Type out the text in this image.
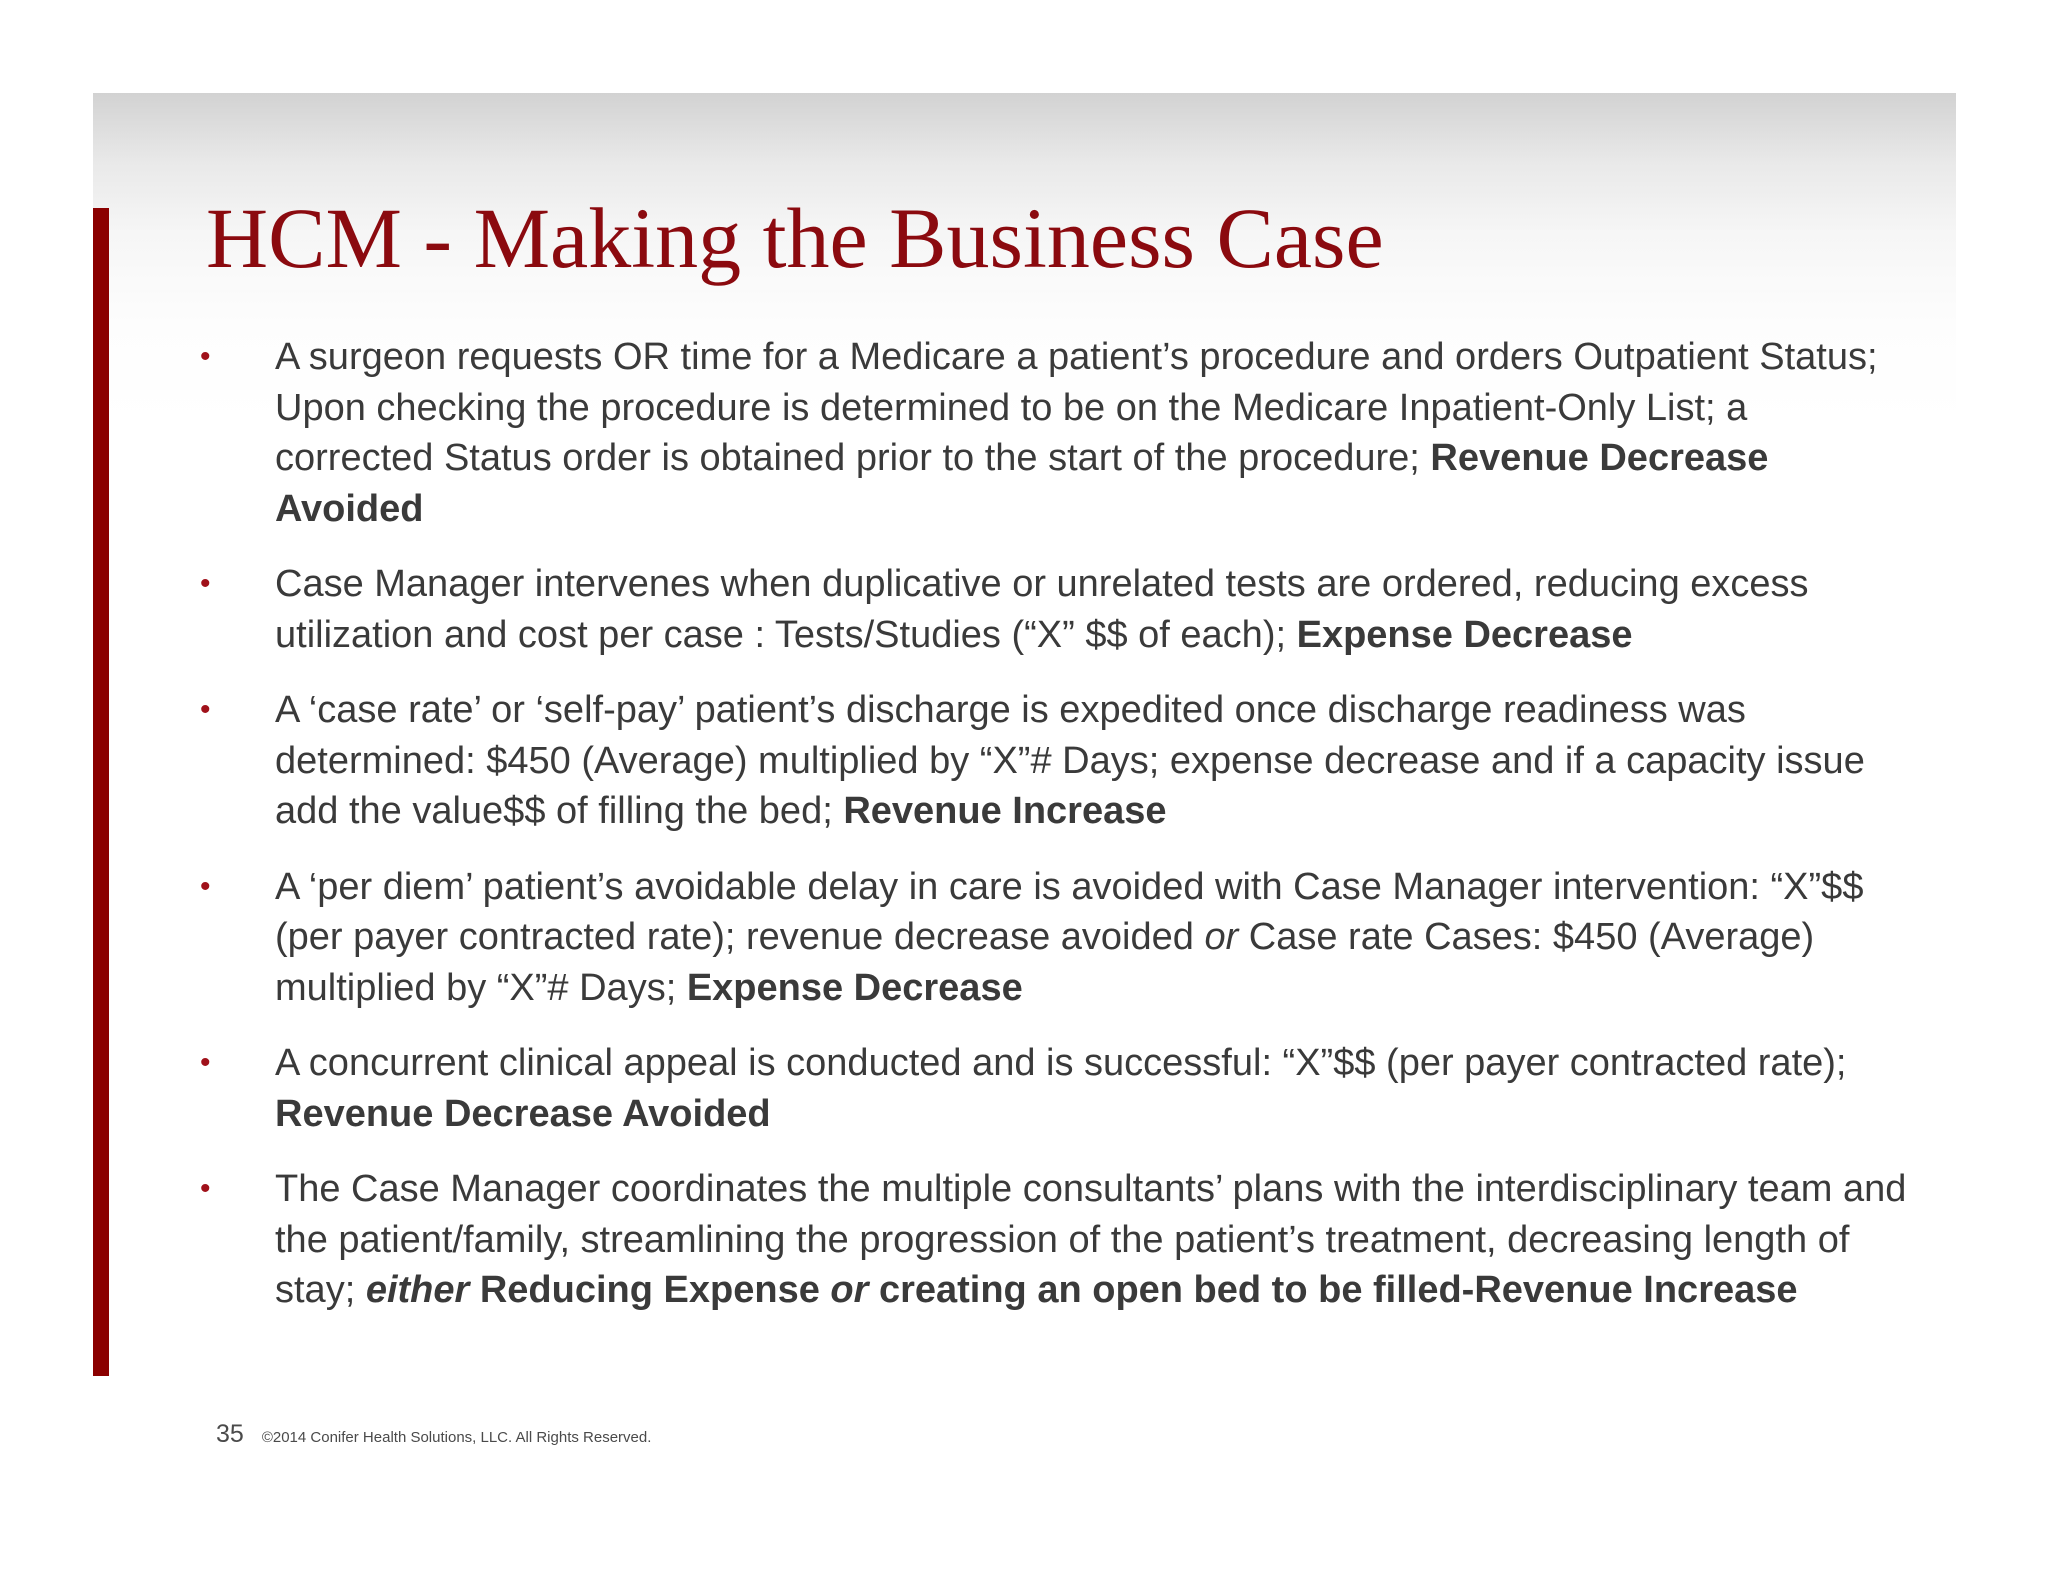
HCM - Making the Business Case
• A surgeon requests OR time for a Medicare a patient’s procedure and orders Outpatient Status; Upon checking the procedure is determined to be on the Medicare Inpatient-Only List; a corrected Status order is obtained prior to the start of the procedure; Revenue Decrease Avoided
• Case Manager intervenes when duplicative or unrelated tests are ordered, reducing excess utilization and cost per case : Tests/Studies (“X” $$ of each); Expense Decrease
• A ‘case rate’ or ‘self-pay’ patient’s discharge is expedited once discharge readiness was determined: $450 (Average) multiplied by “X”# Days; expense decrease and if a capacity issue add the value$$ of filling the bed; Revenue Increase
• A ‘per diem’ patient’s avoidable delay in care is avoided with Case Manager intervention: “X”$$ (per payer contracted rate); revenue decrease avoided or Case rate Cases: $450 (Average) multiplied by “X”# Days; Expense Decrease
• A concurrent clinical appeal is conducted and is successful: “X”$$ (per payer contracted rate); Revenue Decrease Avoided
• The Case Manager coordinates the multiple consultants’ plans with the interdisciplinary team and the patient/family, streamlining the progression of the patient’s treatment, decreasing length of stay; either Reducing Expense or creating an open bed to be filled-Revenue Increase
35 ©2014 Conifer Health Solutions, LLC. All Rights Reserved.
